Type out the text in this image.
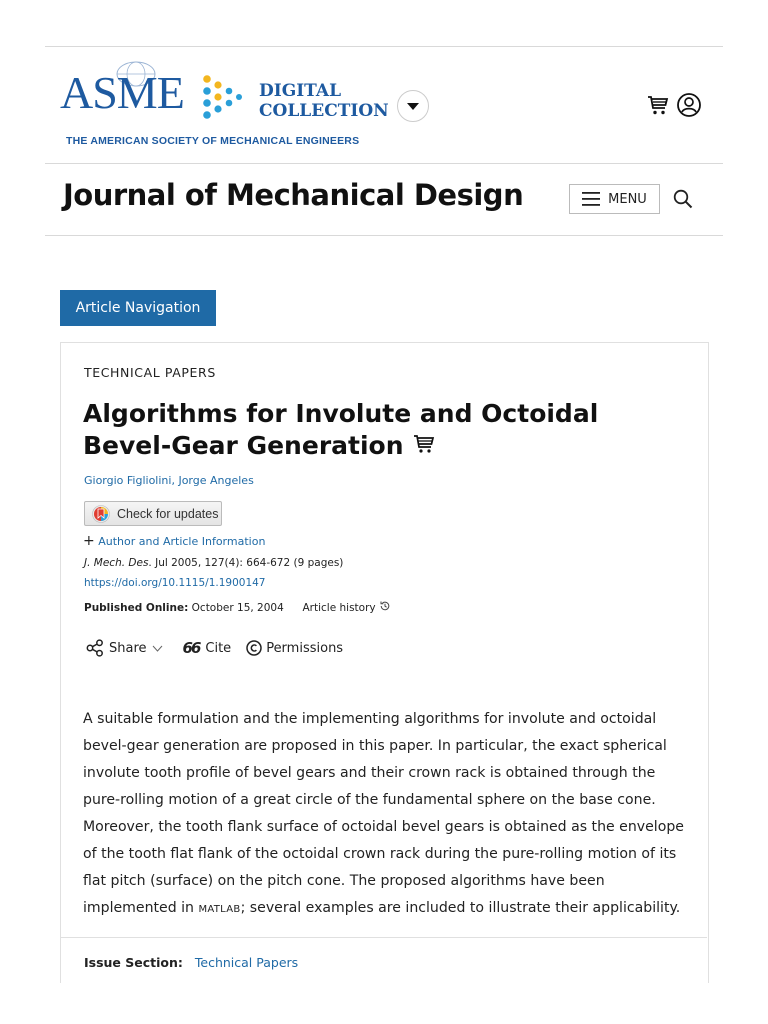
ASME	DIGITAL
COLLECTION
THE AMERICAN SOCIETY OF MECHANICAL ENGINEERS
Journal of Mechanical Design	MENU
Article Navigation
TECHNICAL PAPERS
Algorithms for Involute and Octoidal Bevel-Gear Generation
Giorgio Figliolini, Jorge Angeles
Check for updates
+ Author and Article Information
J. Mech. Des. Jul 2005, 127(4): 664-672 (9 pages)
https://doi.org/10.1115/1.1900147
Published Online: October 15, 2004 Article history
Share 66 Cite	Permissions
A suitable formulation and the implementing algorithms for involute and octoidal bevel-gear generation are proposed in this paper. In particular, the exact spherical involute tooth profile of bevel gears and their crown rack is obtained through the pure-rolling motion of a great circle of the fundamental sphere on the base cone. Moreover, the tooth flank surface of octoidal bevel gears is obtained as the envelope of the tooth flat flank of the octoidal crown rack during the pure-rolling motion of its flat pitch (surface) on the pitch cone. The proposed algorithms have been implemented in MATLAB; several examples are included to illustrate their applicability.
Issue Section: Technical Papers
